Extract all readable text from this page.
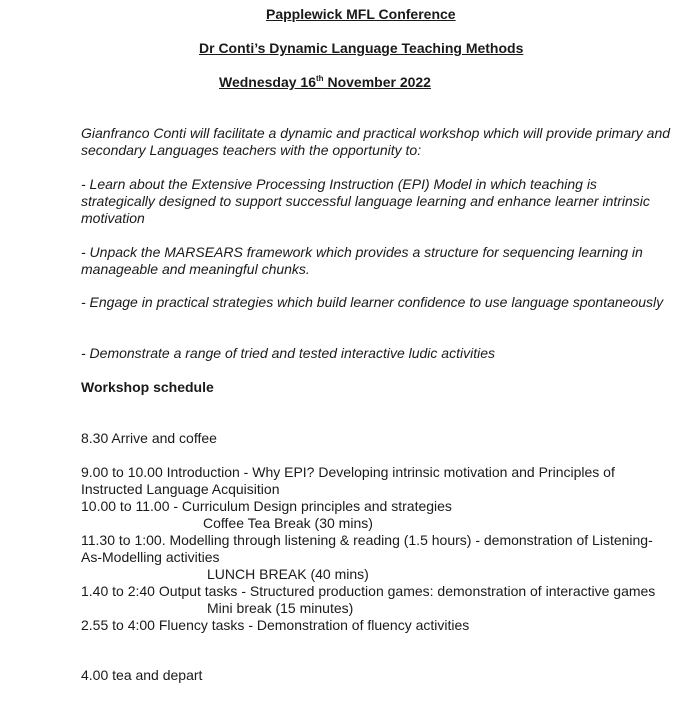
Papplewick MFL Conference
Dr Conti’s Dynamic Language Teaching Methods
Wednesday 16th November 2022
Gianfranco Conti will facilitate a dynamic and practical workshop which will provide primary and secondary Languages teachers with the opportunity to:
- Learn about the Extensive Processing Instruction (EPI) Model in which teaching is strategically designed to support successful language learning and enhance learner intrinsic motivation
- Unpack the MARSEARS framework which provides a structure for sequencing learning in manageable and meaningful chunks.
- Engage in practical strategies which build learner confidence to use language spontaneously
- Demonstrate a range of tried and tested interactive ludic activities
Workshop schedule
8.30 Arrive and coffee
9.00 to 10.00 Introduction - Why EPI? Developing intrinsic motivation and Principles of Instructed Language Acquisition
10.00 to 11.00 - Curriculum Design principles and strategies
Coffee Tea Break (30 mins)
11.30 to 1:00. Modelling through listening & reading (1.5 hours) - demonstration of Listening-As-Modelling activities
LUNCH BREAK (40 mins)
1.40 to 2:40 Output tasks - Structured production games: demonstration of interactive games
Mini break (15 minutes)
2.55 to 4:00 Fluency tasks - Demonstration of fluency activities
4.00 tea and depart
